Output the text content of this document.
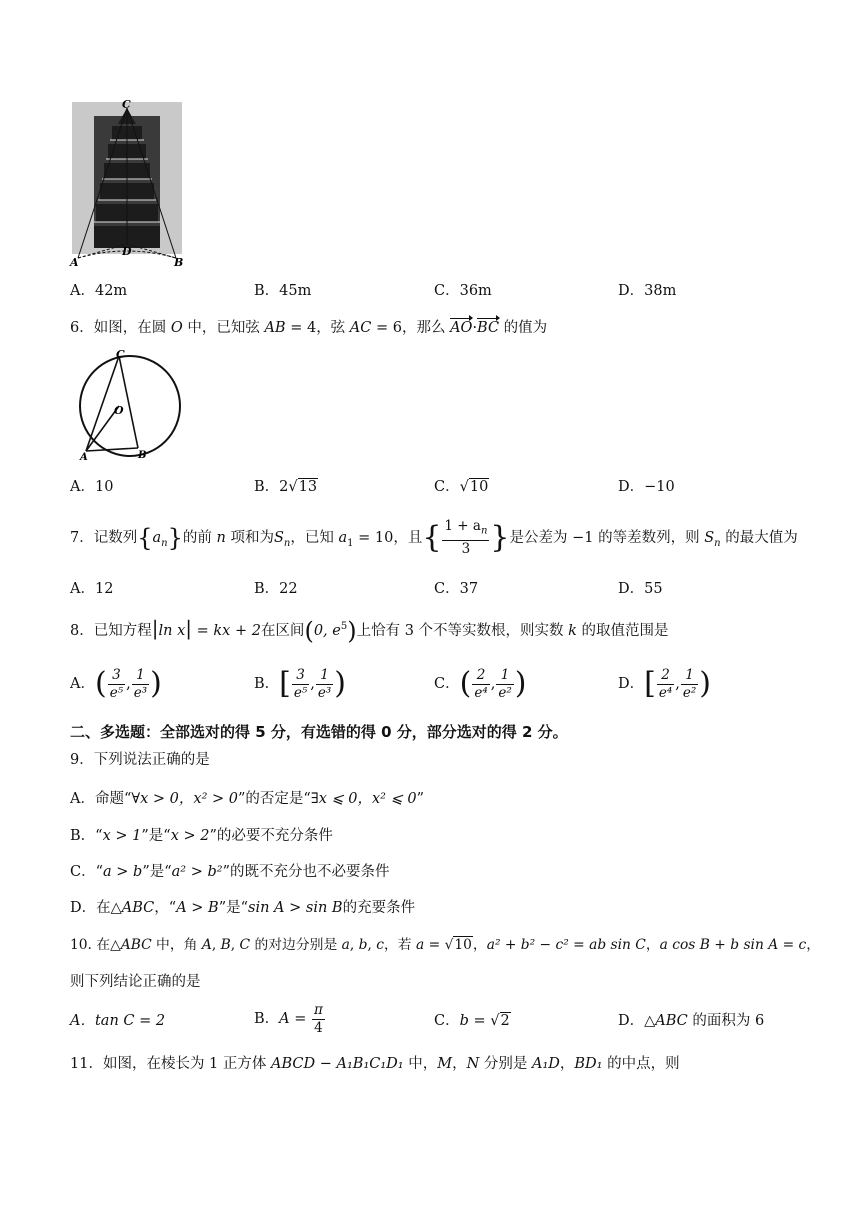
C
A	B
D
A．42m	B．45m	C．36m	D．38m
6．如图，在圆 O 中，已知弦 AB = 4，弦 AC = 6，那么 AO·BC 的值为
C
O
A	B
A．10	B．2√13	C．√10	D．−10
7．记数列$\{a_n\}$的前 n 项和为$S_n$，已知 $a_1 = 10$，且{ $\frac{1 + a_n}{3}$ }是公差为 −1 的等差数列，则 $S_n$ 的最大值为
A．12	B．22	C．37	D．55
8．已知方程|ln x| = kx + 2在区间(0, $e^5$)上恰有 3 个不等实数根，则实数 k 的取值范围是
A．( $\frac{3}{\text{e⁵}}$ , $\frac{1}{\text{e³}}$ )	B．[ $\frac{3}{\text{e⁵}}$ , $\frac{1}{\text{e³}}$ )	C．( $\frac{2}{\text{e⁴}}$ , $\frac{1}{\text{e²}}$ )	D．[ $\frac{2}{\text{e⁴}}$ , $\frac{1}{\text{e²}}$ )
二、多选题：全部选对的得 5 分，有选错的得 0 分，部分选对的得 2 分。
9．下列说法正确的是
A．命题“∀x > 0，x² > 0”的否定是“∃x ⩽ 0，x² ⩽ 0”
B．“x > 1”是“x > 2”的必要不充分条件
C．“a > b”是“a² > b²”的既不充分也不必要条件
D．在△ABC，“A > B”是“sin A > sin B的充要条件
10. 在△ABC 中，角 A, B, C 的对边分别是 a, b, c，若 a = √10，a² + b² − c² = ab sin C，a cos B + b sin A = c，
则下列结论正确的是
A．tan C = 2	B．$A = \frac{\pi}{4}$	C．b = √2	D．△ABC 的面积为 6
11．如图，在棱长为 1 正方体 ABCD − A₁B₁C₁D₁ 中，M，N 分别是 A₁D，BD₁ 的中点，则
